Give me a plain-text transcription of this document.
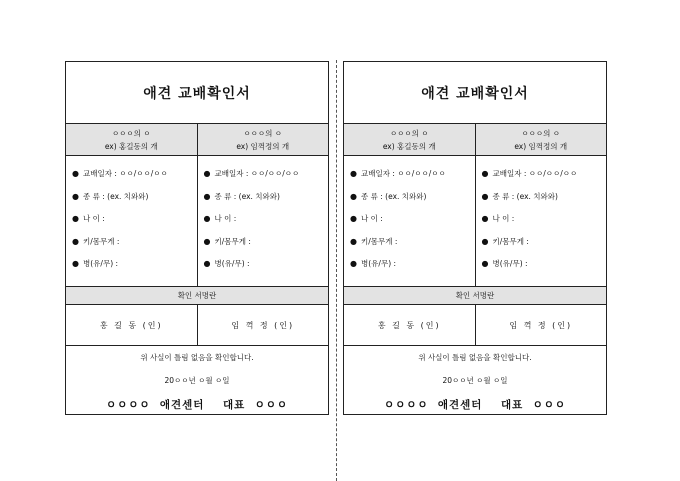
애견 교배확인서
ㅇㅇㅇ의 ㅇ
ex) 홍길동의 개
ㅇㅇㅇ의 ㅇ
ex) 임꺽정의 개
● 교배일자 : ㅇㅇ/ㅇㅇ/ㅇㅇ
● 종 류 : (ex. 치와와)
● 나 이 :
● 키/몸무게 :
● 병(유/무) :
● 교배일자 : ㅇㅇ/ㅇㅇ/ㅇㅇ
● 종 류 : (ex. 치와와)
● 나 이 :
● 키/몸무게 :
● 병(유/무) :
확인 서명란
홍 길 동 (인)	임 꺽 정 (인)
위 사실이 틀림 없음을 확인합니다.
20ㅇㅇ년 ㅇ월 ㅇ일
ㅇㅇㅇㅇ  애견센터    대표  ㅇㅇㅇ
애견 교배확인서
ㅇㅇㅇ의 ㅇ
ex) 홍길동의 개
ㅇㅇㅇ의 ㅇ
ex) 임꺽정의 개
● 교배일자 : ㅇㅇ/ㅇㅇ/ㅇㅇ
● 종 류 : (ex. 치와와)
● 나 이 :
● 키/몸무게 :
● 병(유/무) :
● 교배일자 : ㅇㅇ/ㅇㅇ/ㅇㅇ
● 종 류 : (ex. 치와와)
● 나 이 :
● 키/몸무게 :
● 병(유/무) :
확인 서명란
홍 길 동 (인)	임 꺽 정 (인)
위 사실이 틀림 없음을 확인합니다.
20ㅇㅇ년 ㅇ월 ㅇ일
ㅇㅇㅇㅇ  애견센터    대표  ㅇㅇㅇ
